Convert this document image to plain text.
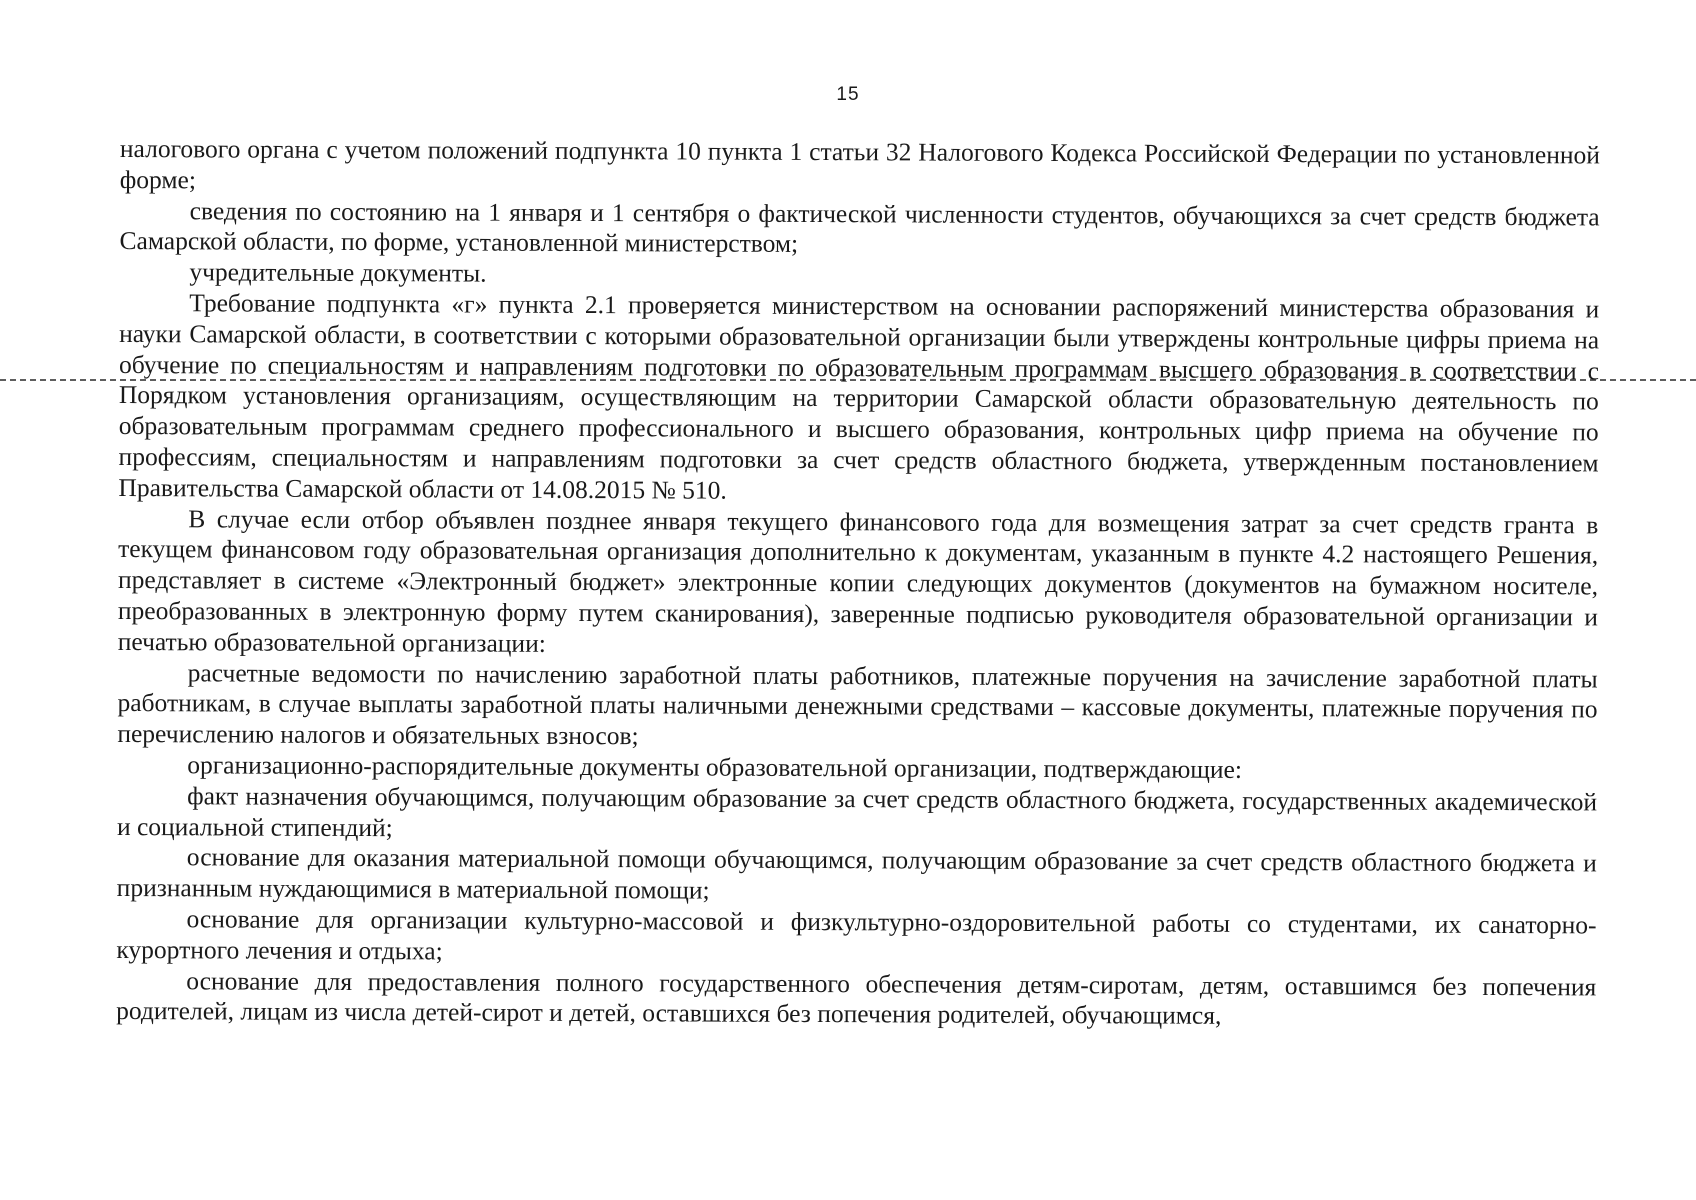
15

налогового органа с учетом положений подпункта 10 пункта 1 статьи 32 Налогового Кодекса Российской Федерации по установленной форме;

сведения по состоянию на 1 января и 1 сентября о фактической численности студентов, обучающихся за счет средств бюджета Самарской области, по форме, установленной министерством;

учредительные документы.

Требование подпункта «г» пункта 2.1 проверяется министерством на основании распоряжений министерства образования и науки Самарской области, в соответствии с которыми образовательной организации были утверждены контрольные цифры приема на обучение по специальностям и направлениям подготовки по образовательным программам высшего образования в соответствии с Порядком установления организациям, осуществляющим на территории Самарской области образовательную деятельность по образовательным программам среднего профессионального и высшего образования, контрольных цифр приема на обучение по профессиям, специальностям и направлениям подготовки за счет средств областного бюджета, утвержденным постановлением Правительства Самарской области от 14.08.2015 № 510.

В случае если отбор объявлен позднее января текущего финансового года для возмещения затрат за счет средств гранта в текущем финансовом году образовательная организация дополнительно к документам, указанным в пункте 4.2 настоящего Решения, представляет в системе «Электронный бюджет» электронные копии следующих документов (документов на бумажном носителе, преобразованных в электронную форму путем сканирования), заверенные подписью руководителя образовательной организации и печатью образовательной организации:

расчетные ведомости по начислению заработной платы работников, платежные поручения на зачисление заработной платы работникам, в случае выплаты заработной платы наличными денежными средствами – кассовые документы, платежные поручения по перечислению налогов и обязательных взносов;

организационно-распорядительные документы образовательной организации, подтверждающие:

факт назначения обучающимся, получающим образование за счет средств областного бюджета, государственных академической и социальной стипендий;

основание для оказания материальной помощи обучающимся, получающим образование за счет средств областного бюджета и признанным нуждающимися в материальной помощи;

основание для организации культурно-массовой и физкультурно-оздоровительной работы со студентами, их санаторно-курортного лечения и отдыха;

основание для предоставления полного государственного обеспечения детям-сиротам, детям, оставшимся без попечения родителей, лицам из числа детей-сирот и детей, оставшихся без попечения родителей, обучающимся,
